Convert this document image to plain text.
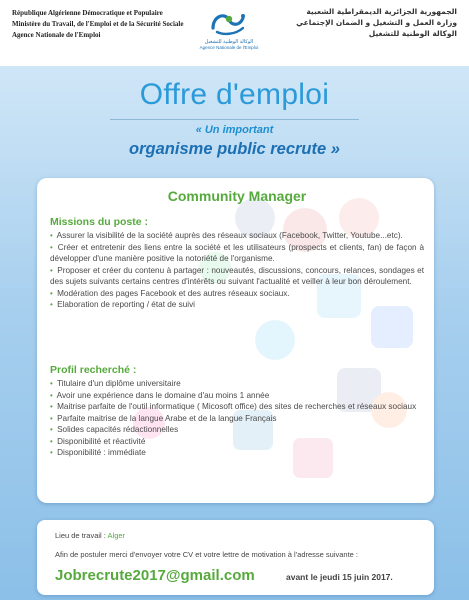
République Algérienne Démocratique et Populaire
Ministère du Travail, de l'Emploi et de la Sécurité Sociale
Agence Nationale de l'Emploi
الوكالة الوطنية للتشغيل
Agence Nationale de l'Emploi
الجمهورية الجزائرية الديمقراطية الشعبية
وزارة العمل و التشغيل و الضمان الإجتماعي
الوكالة الوطنية للتشغيل
Offre d'emploi
« Un important
organisme public recrute »
Community Manager
Missions du poste :
• Assurer la visibilité de la société auprès des réseaux sociaux (Facebook, Twitter, Youtube...etc).
• Créer et entretenir des liens entre la société et les utilisateurs (prospects et clients, fan) de façon à développer d'une manière positive la notoriété de l'organisme.
• Proposer et créer du contenu à partager : nouveautés, discussions, concours, relances, sondages et des sujets suivants certains centres d'intérêts ou suivant l'actualité et veiller à leur bon déroulement.
• Modération des pages Facebook et des autres réseaux sociaux.
• Elaboration de reporting / état de suivi
Profil recherché :
• Titulaire d'un diplôme universitaire
• Avoir une expérience dans le domaine d'au moins 1 année
• Maitrise parfaite de l'outil informatique ( Micosoft office) des sites de recherches et réseaux sociaux
• Parfaite maitrise de la langue Arabe et de la langue Français
• Solides capacités rédactionnelles
• Disponibilité et réactivité
• Disponibilité : immédiate
Lieu de travail : Alger
Afin de postuler merci d'envoyer votre CV et votre lettre de motivation à l'adresse suivante :
Jobrecrute2017@gmail.com	avant le jeudi 15 juin 2017.
